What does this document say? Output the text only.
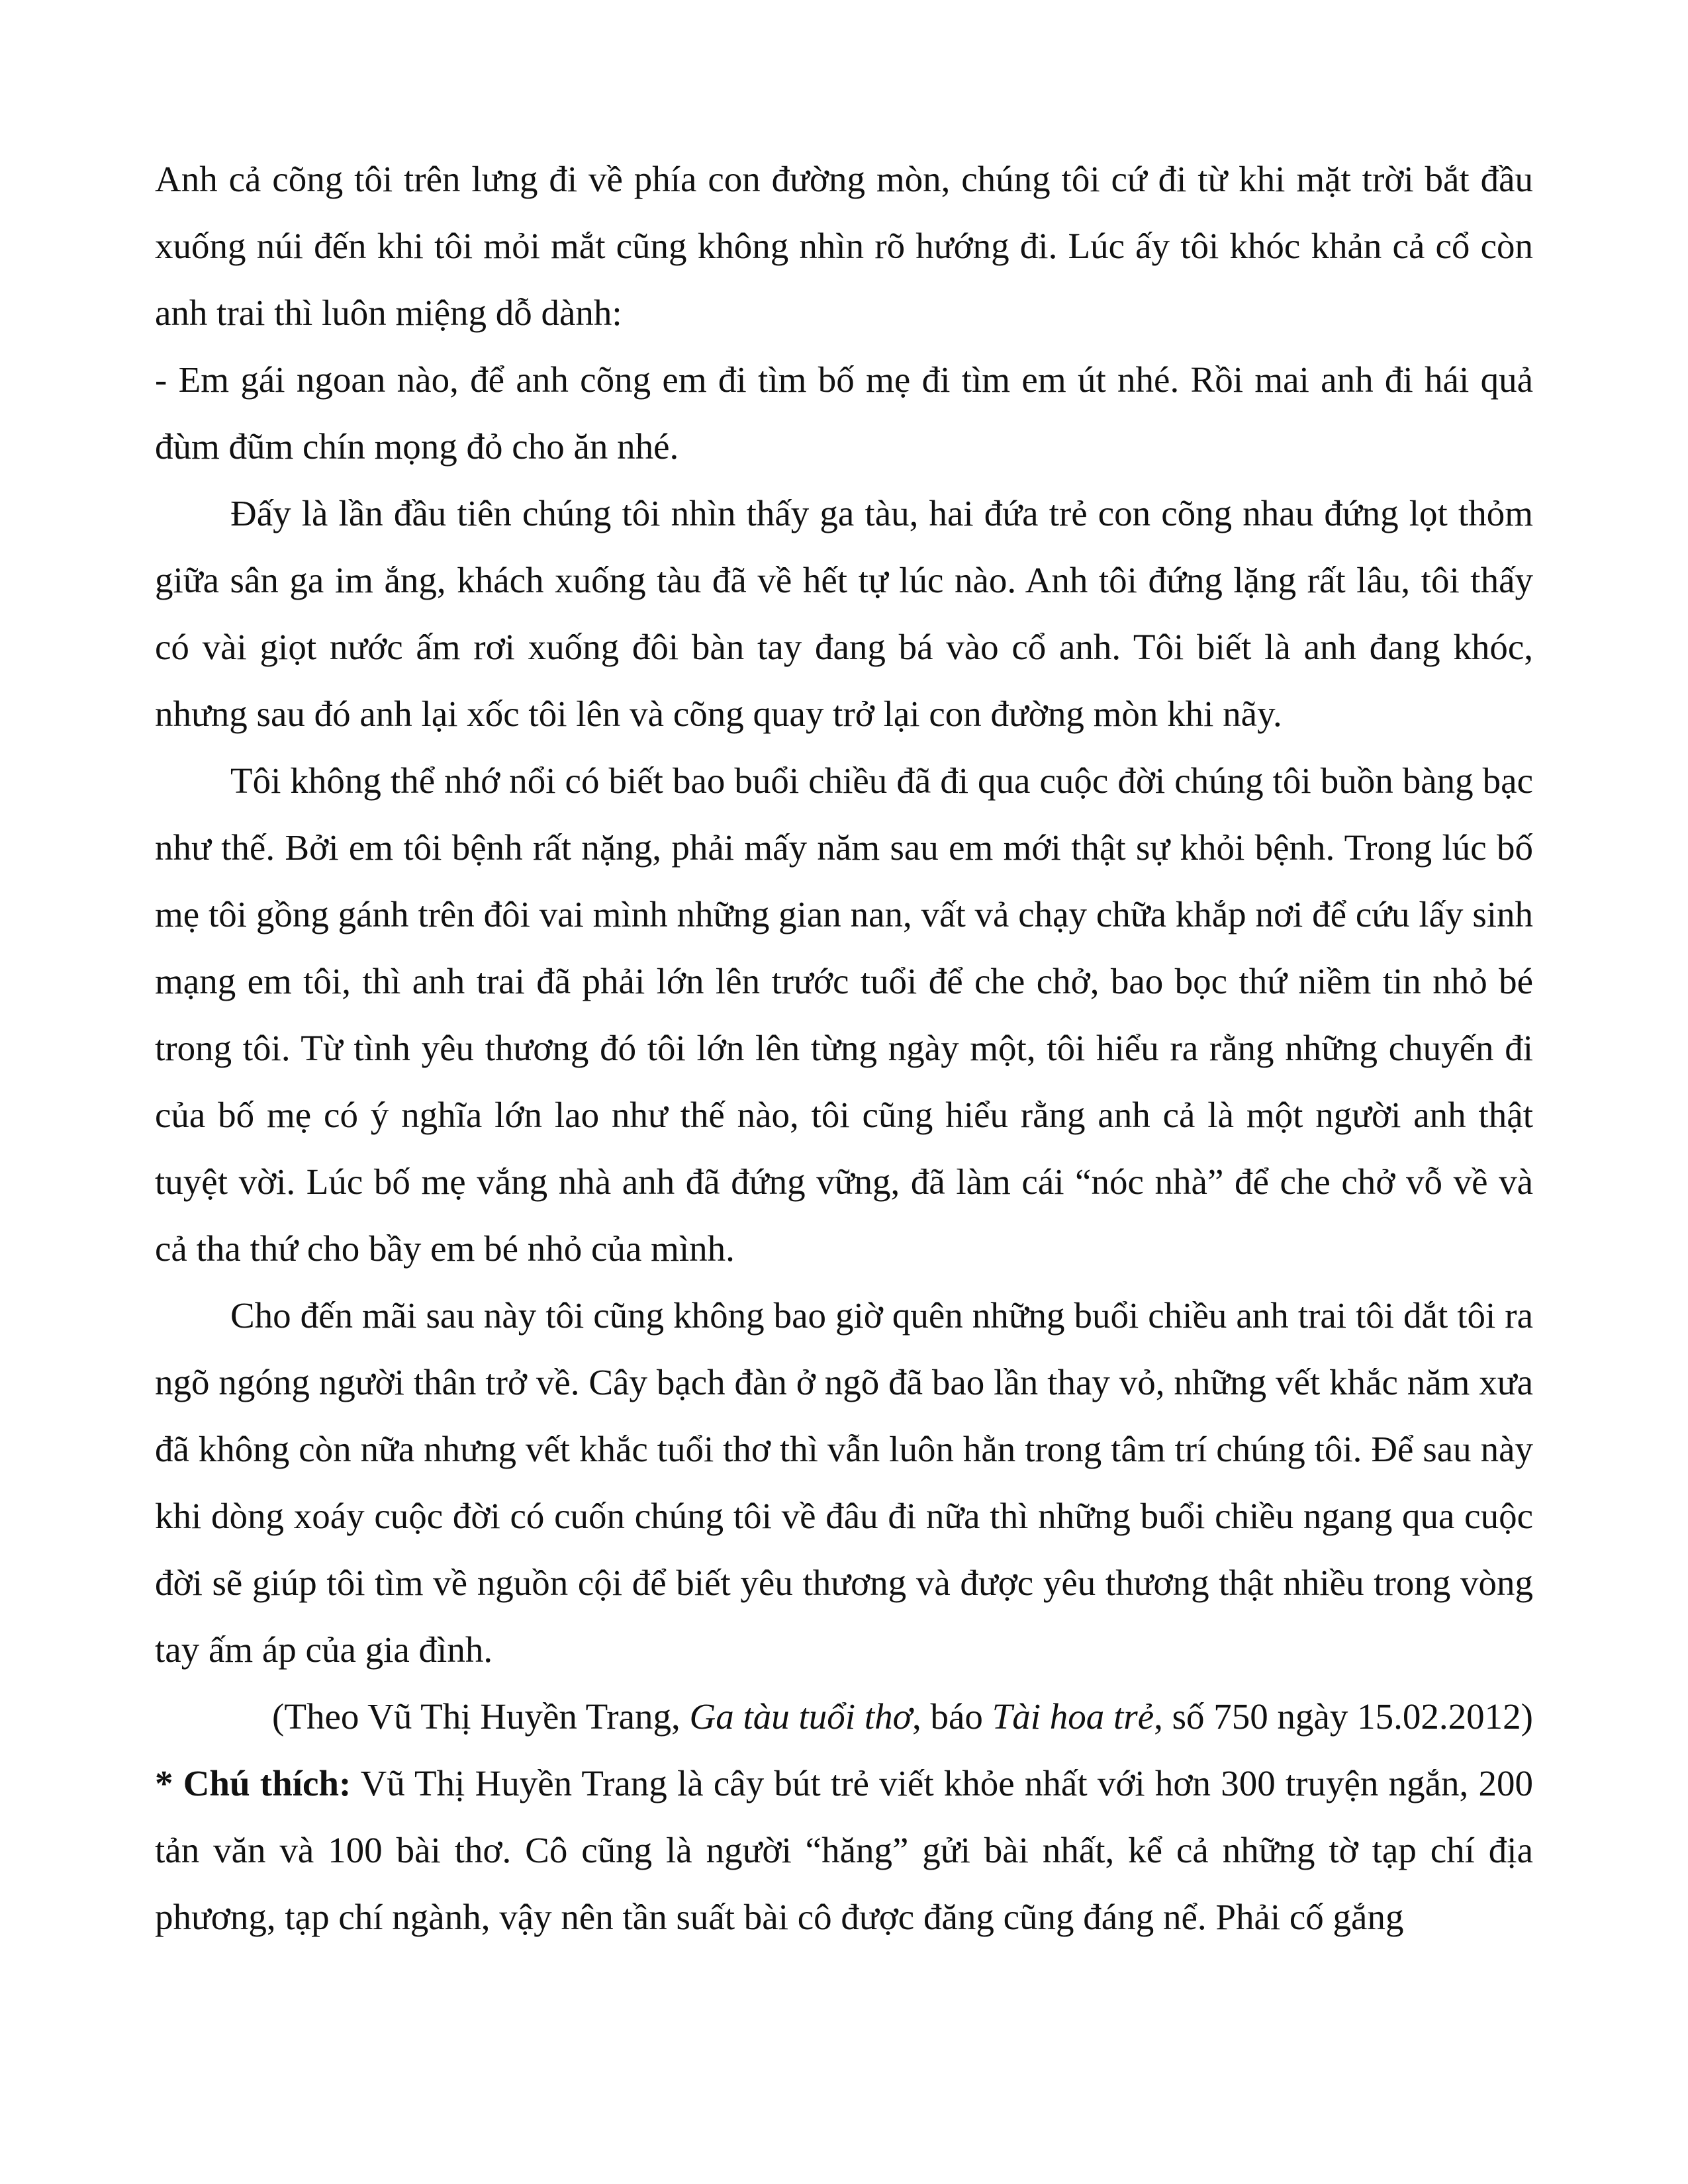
Anh cả cõng tôi trên lưng đi về phía con đường mòn, chúng tôi cứ đi từ khi mặt trời bắt đầu xuống núi đến khi tôi mỏi mắt cũng không nhìn rõ hướng đi. Lúc ấy tôi khóc khản cả cổ còn anh trai thì luôn miệng dỗ dành:

- Em gái ngoan nào, để anh cõng em đi tìm bố mẹ đi tìm em út nhé. Rồi mai anh đi hái quả đùm đũm chín mọng đỏ cho ăn nhé.

Đấy là lần đầu tiên chúng tôi nhìn thấy ga tàu, hai đứa trẻ con cõng nhau đứng lọt thỏm giữa sân ga im ắng, khách xuống tàu đã về hết tự lúc nào. Anh tôi đứng lặng rất lâu, tôi thấy có vài giọt nước ấm rơi xuống đôi bàn tay đang bá vào cổ anh. Tôi biết là anh đang khóc, nhưng sau đó anh lại xốc tôi lên và cõng quay trở lại con đường mòn khi nãy.

Tôi không thể nhớ nổi có biết bao buổi chiều đã đi qua cuộc đời chúng tôi buồn bàng bạc như thế. Bởi em tôi bệnh rất nặng, phải mấy năm sau em mới thật sự khỏi bệnh. Trong lúc bố mẹ tôi gồng gánh trên đôi vai mình những gian nan, vất vả chạy chữa khắp nơi để cứu lấy sinh mạng em tôi, thì anh trai đã phải lớn lên trước tuổi để che chở, bao bọc thứ niềm tin nhỏ bé trong tôi. Từ tình yêu thương đó tôi lớn lên từng ngày một, tôi hiểu ra rằng những chuyến đi của bố mẹ có ý nghĩa lớn lao như thế nào, tôi cũng hiểu rằng anh cả là một người anh thật tuyệt vời. Lúc bố mẹ vắng nhà anh đã đứng vững, đã làm cái “nóc nhà” để che chở vỗ về và cả tha thứ cho bầy em bé nhỏ của mình.

Cho đến mãi sau này tôi cũng không bao giờ quên những buổi chiều anh trai tôi dắt tôi ra ngõ ngóng người thân trở về. Cây bạch đàn ở ngõ đã bao lần thay vỏ, những vết khắc năm xưa đã không còn nữa nhưng vết khắc tuổi thơ thì vẫn luôn hằn trong tâm trí chúng tôi. Để sau này khi dòng xoáy cuộc đời có cuốn chúng tôi về đâu đi nữa thì những buổi chiều ngang qua cuộc đời sẽ giúp tôi tìm về nguồn cội để biết yêu thương và được yêu thương thật nhiều trong vòng tay ấm áp của gia đình.

(Theo Vũ Thị Huyền Trang, Ga tàu tuổi thơ, báo Tài hoa trẻ, số 750 ngày 15.02.2012)

* Chú thích: Vũ Thị Huyền Trang là cây bút trẻ viết khỏe nhất với hơn 300 truyện ngắn, 200 tản văn và 100 bài thơ. Cô cũng là người “hăng” gửi bài nhất, kể cả những tờ tạp chí địa phương, tạp chí ngành, vậy nên tần suất bài cô được đăng cũng đáng nể. Phải cố gắng
